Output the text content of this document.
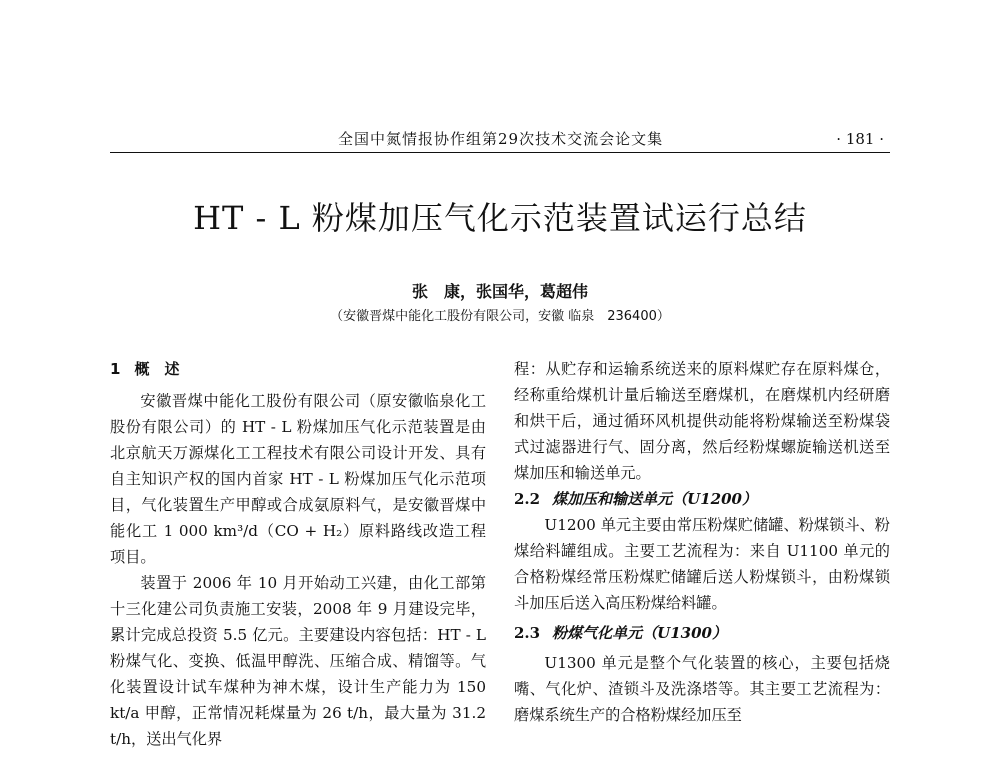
全国中氮情报协作组第29次技术交流会论文集	· 181 ·
HT - L 粉煤加压气化示范装置试运行总结
张　康，张国华，葛超伟
（安徽晋煤中能化工股份有限公司，安徽 临泉　236400）
1 概　述

安徽晋煤中能化工股份有限公司（原安徽临泉化工股份有限公司）的 HT - L 粉煤加压气化示范装置是由北京航天万源煤化工工程技术有限公司设计开发、具有自主知识产权的国内首家 HT - L 粉煤加压气化示范项目，气化装置生产甲醇或合成氨原料气，是安徽晋煤中能化工 1 000 km³/d（CO + H₂）原料路线改造工程项目。

装置于 2006 年 10 月开始动工兴建，由化工部第十三化建公司负责施工安装，2008 年 9 月建设完毕，累计完成总投资 5.5 亿元。主要建设内容包括：HT - L 粉煤气化、变换、低温甲醇洗、压缩合成、精馏等。气化装置设计试车煤种为神木煤，设计生产能力为 150 kt/a 甲醇，正常情况耗煤量为 26 t/h，最大量为 31.2 t/h，送出气化界

程：从贮存和运输系统送来的原料煤贮存在原料煤仓，经称重给煤机计量后输送至磨煤机，在磨煤机内经研磨和烘干后，通过循环风机提供动能将粉煤输送至粉煤袋式过滤器进行气、固分离，然后经粉煤螺旋输送机送至煤加压和输送单元。

2.2 煤加压和输送单元（U1200）

U1200 单元主要由常压粉煤贮储罐、粉煤锁斗、粉煤给料罐组成。主要工艺流程为：来自 U1100 单元的合格粉煤经常压粉煤贮储罐后送人粉煤锁斗，由粉煤锁斗加压后送入高压粉煤给料罐。

2.3 粉煤气化单元（U1300）

U1300 单元是整个气化装置的核心，主要包括烧嘴、气化炉、渣锁斗及洗涤塔等。其主要工艺流程为：磨煤系统生产的合格粉煤经加压至
